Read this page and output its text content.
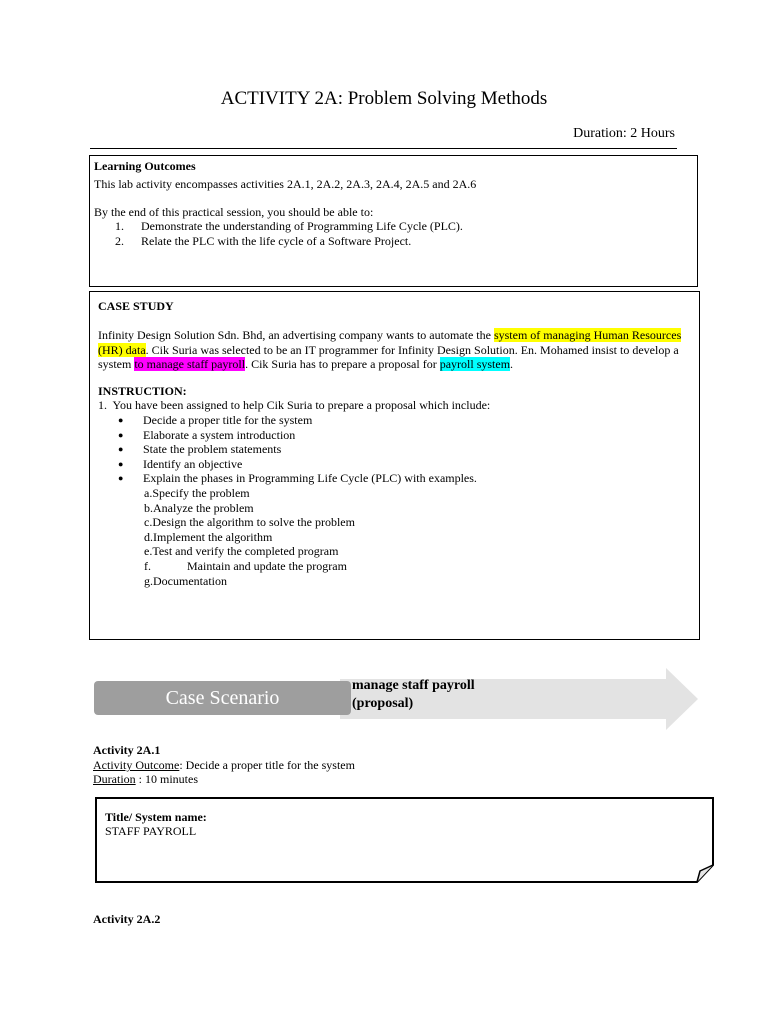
ACTIVITY 2A: Problem Solving Methods
Duration: 2 Hours
Learning Outcomes
This lab activity encompasses activities 2A.1, 2A.2, 2A.3, 2A.4, 2A.5 and 2A.6
By the end of this practical session, you should be able to:
1. Demonstrate the understanding of Programming Life Cycle (PLC).
2. Relate the PLC with the life cycle of a Software Project.
CASE STUDY
Infinity Design Solution Sdn. Bhd, an advertising company wants to automate the system of managing Human Resources (HR) data. Cik Suria was selected to be an IT programmer for Infinity Design Solution. En. Mohamed insist to develop a system to manage staff payroll. Cik Suria has to prepare a proposal for payroll system.
INSTRUCTION:
1.  You have been assigned to help Cik Suria to prepare a proposal which include:
● Decide a proper title for the system
● Elaborate a system introduction
● State the problem statements
● Identify an objective
● Explain the phases in Programming Life Cycle (PLC) with examples.
a.Specify the problem
b.Analyze the problem
c.Design the algorithm to solve the problem
d.Implement the algorithm
e.Test and verify the completed program
f.            Maintain and update the program
g.Documentation
Case Scenario
manage staff payroll
(proposal)
Activity 2A.1
Activity Outcome: Decide a proper title for the system
Duration : 10 minutes
Title/ System name:
STAFF PAYROLL
Activity 2A.2
